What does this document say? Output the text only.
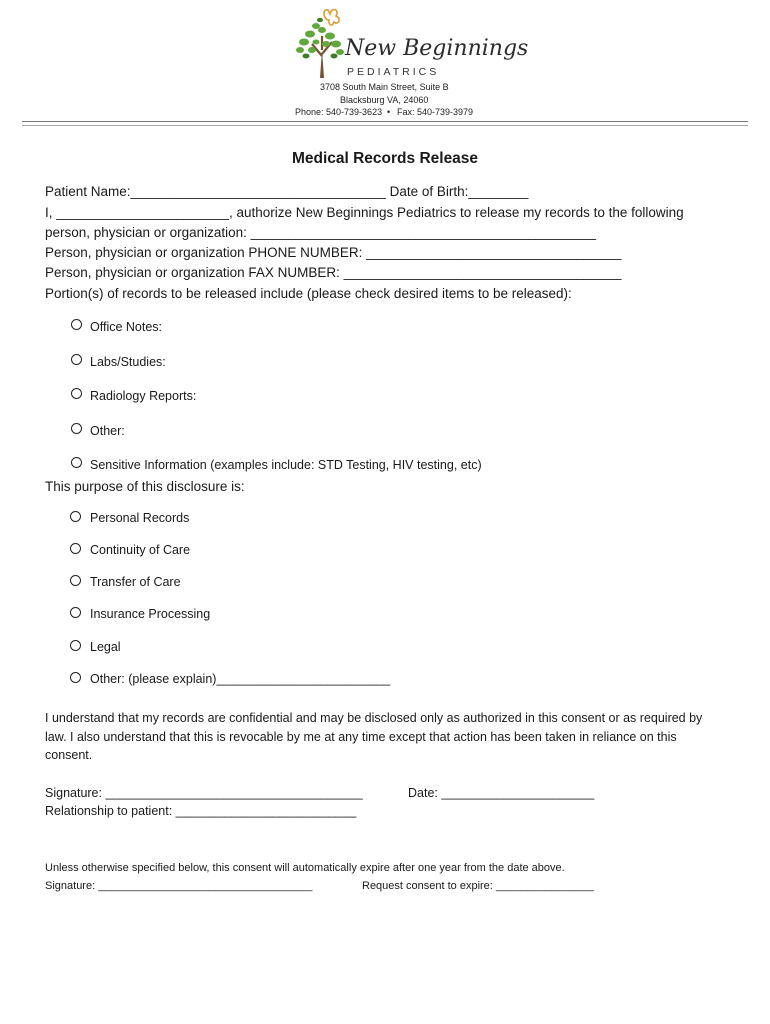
New Beginnings
PEDIATRICS
3708 South Main Street, Suite B
Blacksburg VA, 24060
Phone: 540-739-3623 • Fax: 540-739-3979
Medical Records Release
Patient Name:__________________________________ Date of Birth:________
I, _______________________, authorize New Beginnings Pediatrics to release my records to the following
person, physician or organization: ______________________________________________
Person, physician or organization PHONE NUMBER: __________________________________
Person, physician or organization FAX NUMBER: _____________________________________
Portion(s) of records to be released include (please check desired items to be released):
Office Notes:
Labs/Studies:
Radiology Reports:
Other:
Sensitive Information (examples include: STD Testing, HIV testing, etc)
This purpose of this disclosure is:
Personal Records
Continuity of Care
Transfer of Care
Insurance Processing
Legal
Other: (please explain)_________________________
I understand that my records are confidential and may be disclosed only as authorized in this consent or as required by
law. I also understand that this is revocable by me at any time except that action has been taken in reliance on this
consent.
Signature: _____________________________________	Date: ______________________
Relationship to patient: __________________________
Unless otherwise specified below, this consent will automatically expire after one year from the date above.
Signature: ___________________________________	Request consent to expire: ________________
